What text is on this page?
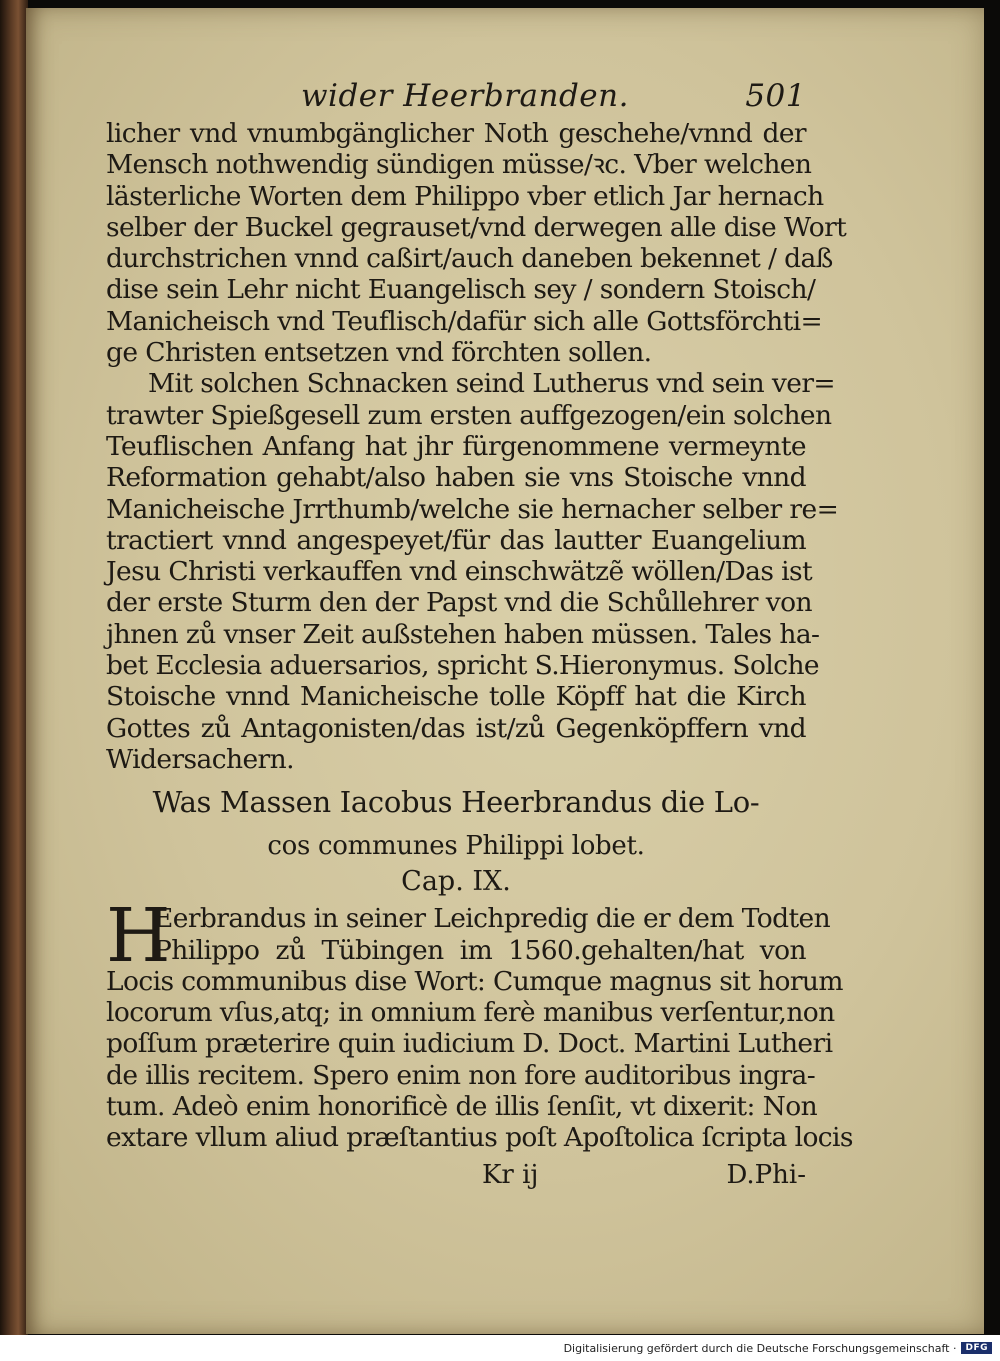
wider Heerbranden.	501
licher vnd vnumbgänglicher Noth geschehe/vnnd der
Mensch nothwendig sündigen müsse/ꝛc. Vber welchen
lästerliche Worten dem Philippo vber etlich Jar hernach
selber der Buckel gegrauset/vnd derwegen alle dise Wort
durchstrichen vnnd caßirt/auch daneben bekennet / daß
dise sein Lehr nicht Euangelisch sey / sondern Stoisch/
Manicheisch vnd Teuflisch/dafür sich alle Gottsförchti=
ge Christen entsetzen vnd förchten sollen.
Mit solchen Schnacken seind Lutherus vnd sein ver=
trawter Spießgesell zum ersten auffgezogen/ein solchen
Teuflischen Anfang hat jhr fürgenommene vermeynte
Reformation gehabt/also haben sie vns Stoische vnnd
Manicheische Jrrthumb/welche sie hernacher selber re=
tractiert vnnd angespeyet/für das lautter Euangelium
Jesu Christi verkauffen vnd einschwätzẽ wöllen/Das ist
der erste Sturm den der Papst vnd die Schůllehrer von
jhnen zů vnser Zeit außstehen haben müssen. Tales ha-
bet Ecclesia aduersarios, spricht S.Hieronymus. Solche
Stoische vnnd Manicheische tolle Köpff hat die Kirch
Gottes zů Antagonisten/das ist/zů Gegenköpffern vnd
Widersachern.
Was Massen Iacobus Heerbrandus die Lo-
cos communes Philippi lobet.
Cap. IX.
H
Eerbrandus in seiner Leichpredig die er dem Todten
Philippo zů Tübingen im 1560.gehalten/hat von
Locis communibus dise Wort: Cumque magnus sit horum
locorum vſus,atq; in omnium ferè manibus verſentur,non
poſſum præterire quin iudicium D. Doct. Martini Lutheri
de illis recitem. Spero enim non fore auditoribus ingra-
tum. Adeò enim honorificè de illis ſenſit, vt dixerit: Non
extare vllum aliud præſtantius poſt Apoſtolica ſcripta locis
Kr ij	D.Phi-
Digitalisierung gefördert durch die Deutsche Forschungsgemeinschaft ·	DFG
